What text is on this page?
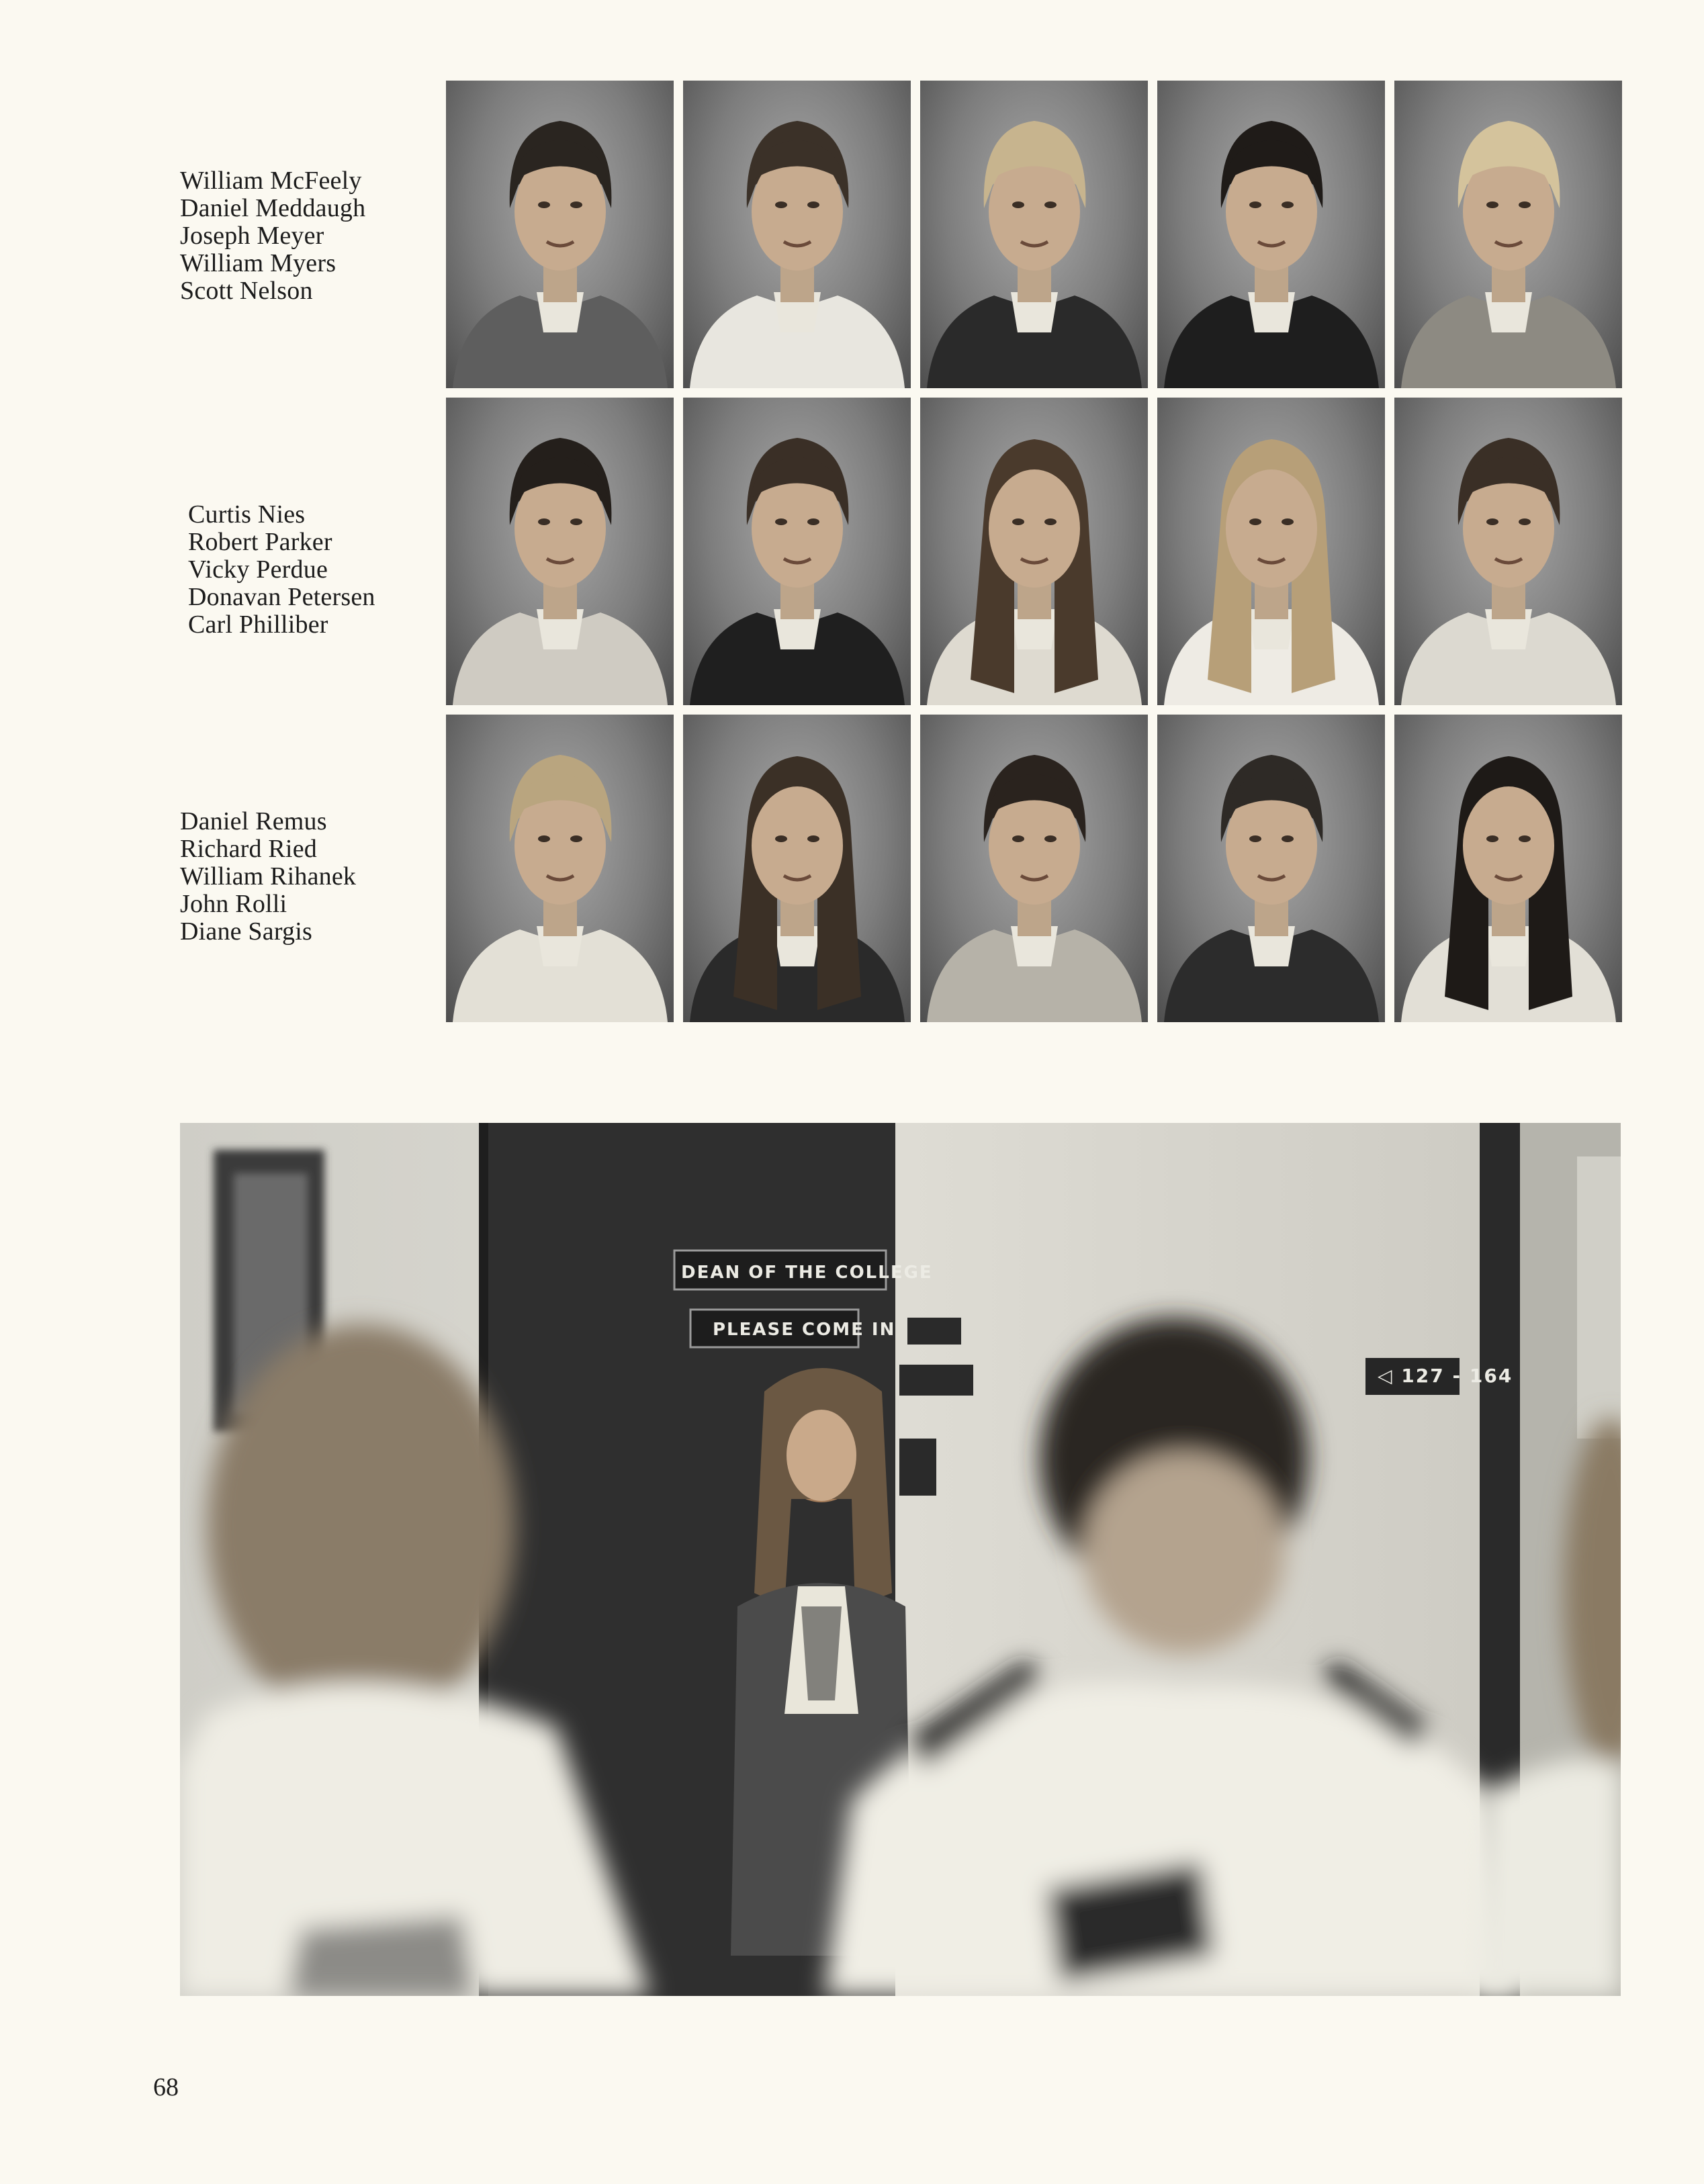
William McFeely
Daniel Meddaugh
Joseph Meyer
William Myers
Scott Nelson
Curtis Nies
Robert Parker
Vicky Perdue
Donavan Petersen
Carl Philliber
Daniel Remus
Richard Ried
William Rihanek
John Rolli
Diane Sargis
DEAN OF THE COLLEGE
PLEASE COME IN
◁ 127 - 164
68
